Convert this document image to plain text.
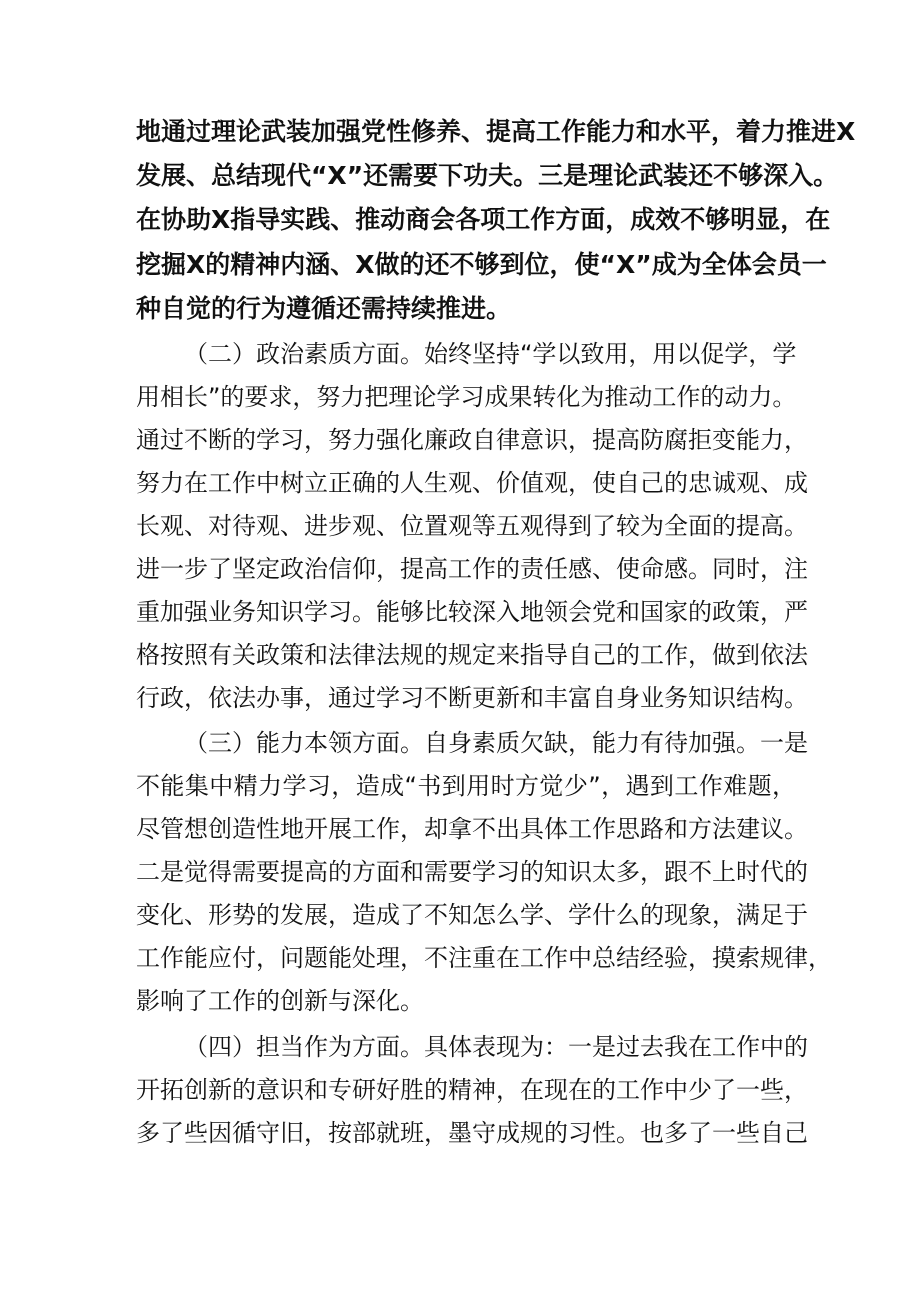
地通过理论武装加强党性修养、提高工作能力和水平，着力推进X
发展、总结现代“X”还需要下功夫。三是理论武装还不够深入。
在协助X指导实践、推动商会各项工作方面，成效不够明显，在
挖掘X的精神内涵、X做的还不够到位，使“X”成为全体会员一
种自觉的行为遵循还需持续推进。
（二）政治素质方面。始终坚持“学以致用，用以促学，学
用相长”的要求，努力把理论学习成果转化为推动工作的动力。
通过不断的学习，努力强化廉政自律意识，提高防腐拒变能力，
努力在工作中树立正确的人生观、价值观，使自己的忠诚观、成
长观、对待观、进步观、位置观等五观得到了较为全面的提高。
进一步了坚定政治信仰，提高工作的责任感、使命感。同时，注
重加强业务知识学习。能够比较深入地领会党和国家的政策，严
格按照有关政策和法律法规的规定来指导自己的工作，做到依法
行政，依法办事，通过学习不断更新和丰富自身业务知识结构。
（三）能力本领方面。自身素质欠缺，能力有待加强。一是
不能集中精力学习，造成“书到用时方觉少”，遇到工作难题，
尽管想创造性地开展工作，却拿不出具体工作思路和方法建议。
二是觉得需要提高的方面和需要学习的知识太多，跟不上时代的
变化、形势的发展，造成了不知怎么学、学什么的现象，满足于
工作能应付，问题能处理，不注重在工作中总结经验，摸索规律，
影响了工作的创新与深化。
（四）担当作为方面。具体表现为：一是过去我在工作中的
开拓创新的意识和专研好胜的精神，在现在的工作中少了一些，
多了些因循守旧，按部就班，墨守成规的习性。也多了一些自己
